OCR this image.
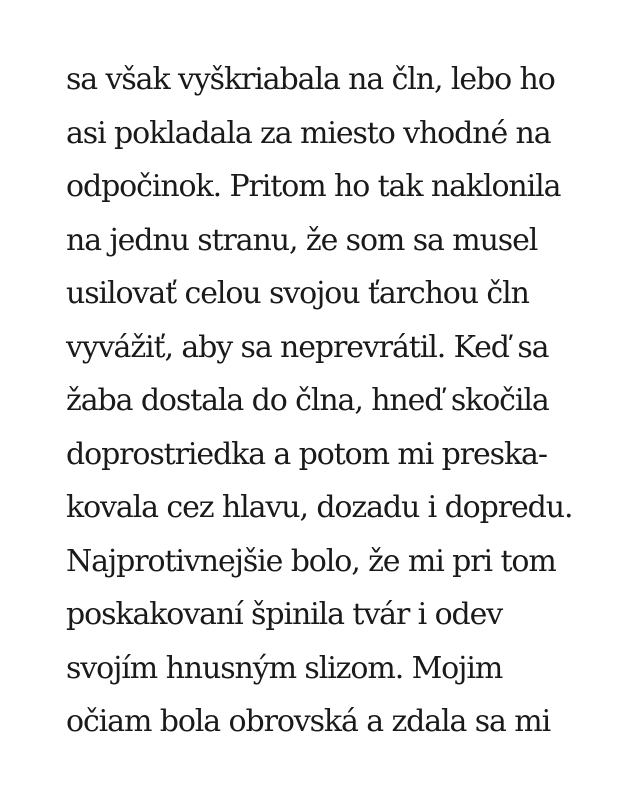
sa však vyškriabala na čln, lebo ho
asi pokladala za miesto vhodné na
odpočinok. Pritom ho tak naklonila
na jednu stranu, že som sa musel
usilovať celou svojou ťarchou čln
vyvážiť, aby sa neprevrátil. Keď sa
žaba dostala do člna, hneď skočila
doprostriedka a potom mi preska-
kovala cez hlavu, dozadu i dopredu.
Najprotivnejšie bolo, že mi pri tom
poskakovaní špinila tvár i odev
svojím hnusným slizom. Mojim
očiam bola obrovská a zdala sa mi
